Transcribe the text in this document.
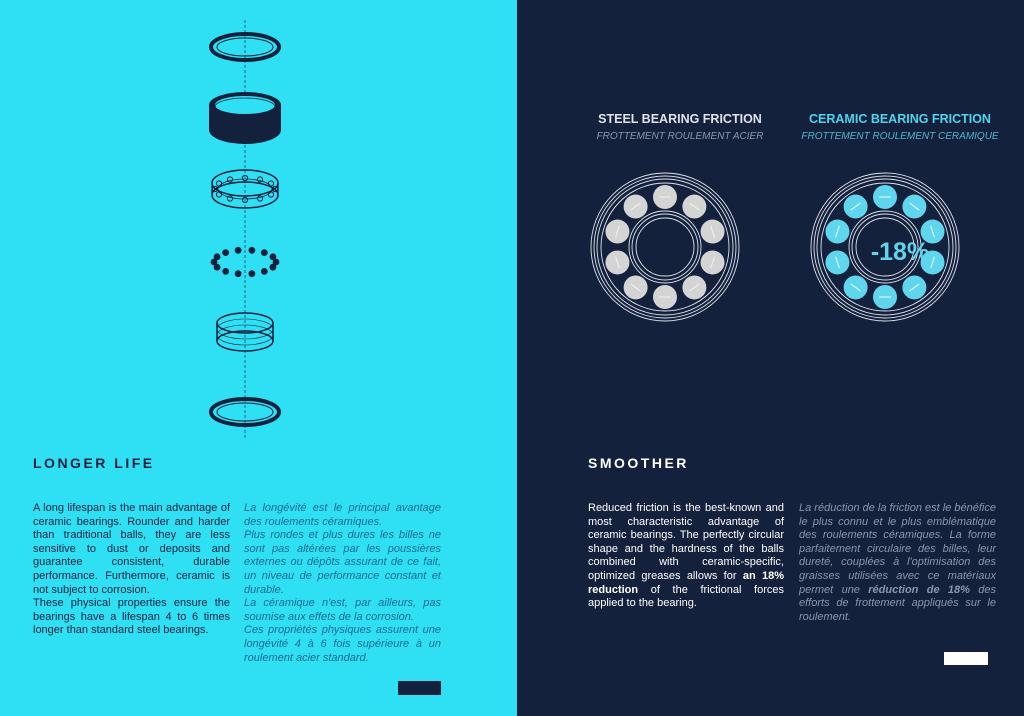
LONGER LIFE
A long lifespan is the main advantage of ceramic bearings. Rounder and harder than traditional balls, they are less sensitive to dust or deposits and guarantee consistent, durable performance. Furthermore, ceramic is not subject to corrosion.
These physical properties ensure the bearings have a lifespan 4 to 6 times longer than standard steel bearings.
La longévité est le principal avantage des roulements céramiques.
Plus rondes et plus dures les billes ne sont pas altérées par les poussières externes ou dépôts assurant de ce fait, un niveau de performance constant et durable.
La céramique n'est, par ailleurs, pas soumise aux effets de la corrosion.
Ces propriétés physiques assurent une longévité 4 à 6 fois supérieure à un roulement acier standard.
STEEL BEARING FRICTION
FROTTEMENT ROULEMENT ACIER
CERAMIC BEARING FRICTION
FROTTEMENT ROULEMENT CERAMIQUE
-18%
SMOOTHER
Reduced friction is the best-known and most characteristic advantage of ceramic bearings. The perfectly circular shape and the hardness of the balls combined with ceramic-specific, optimized greases allows for an 18% reduction of the frictional forces applied to the bearing.
La réduction de la friction est le bénéfice le plus connu et le plus emblématique des roulements céramiques. La forme parfaitement circulaire des billes, leur dureté, couplées à l'optimisation des graisses utilisées avec ce matériaux permet une réduction de 18% des efforts de frottement appliqués sur le roulement.
